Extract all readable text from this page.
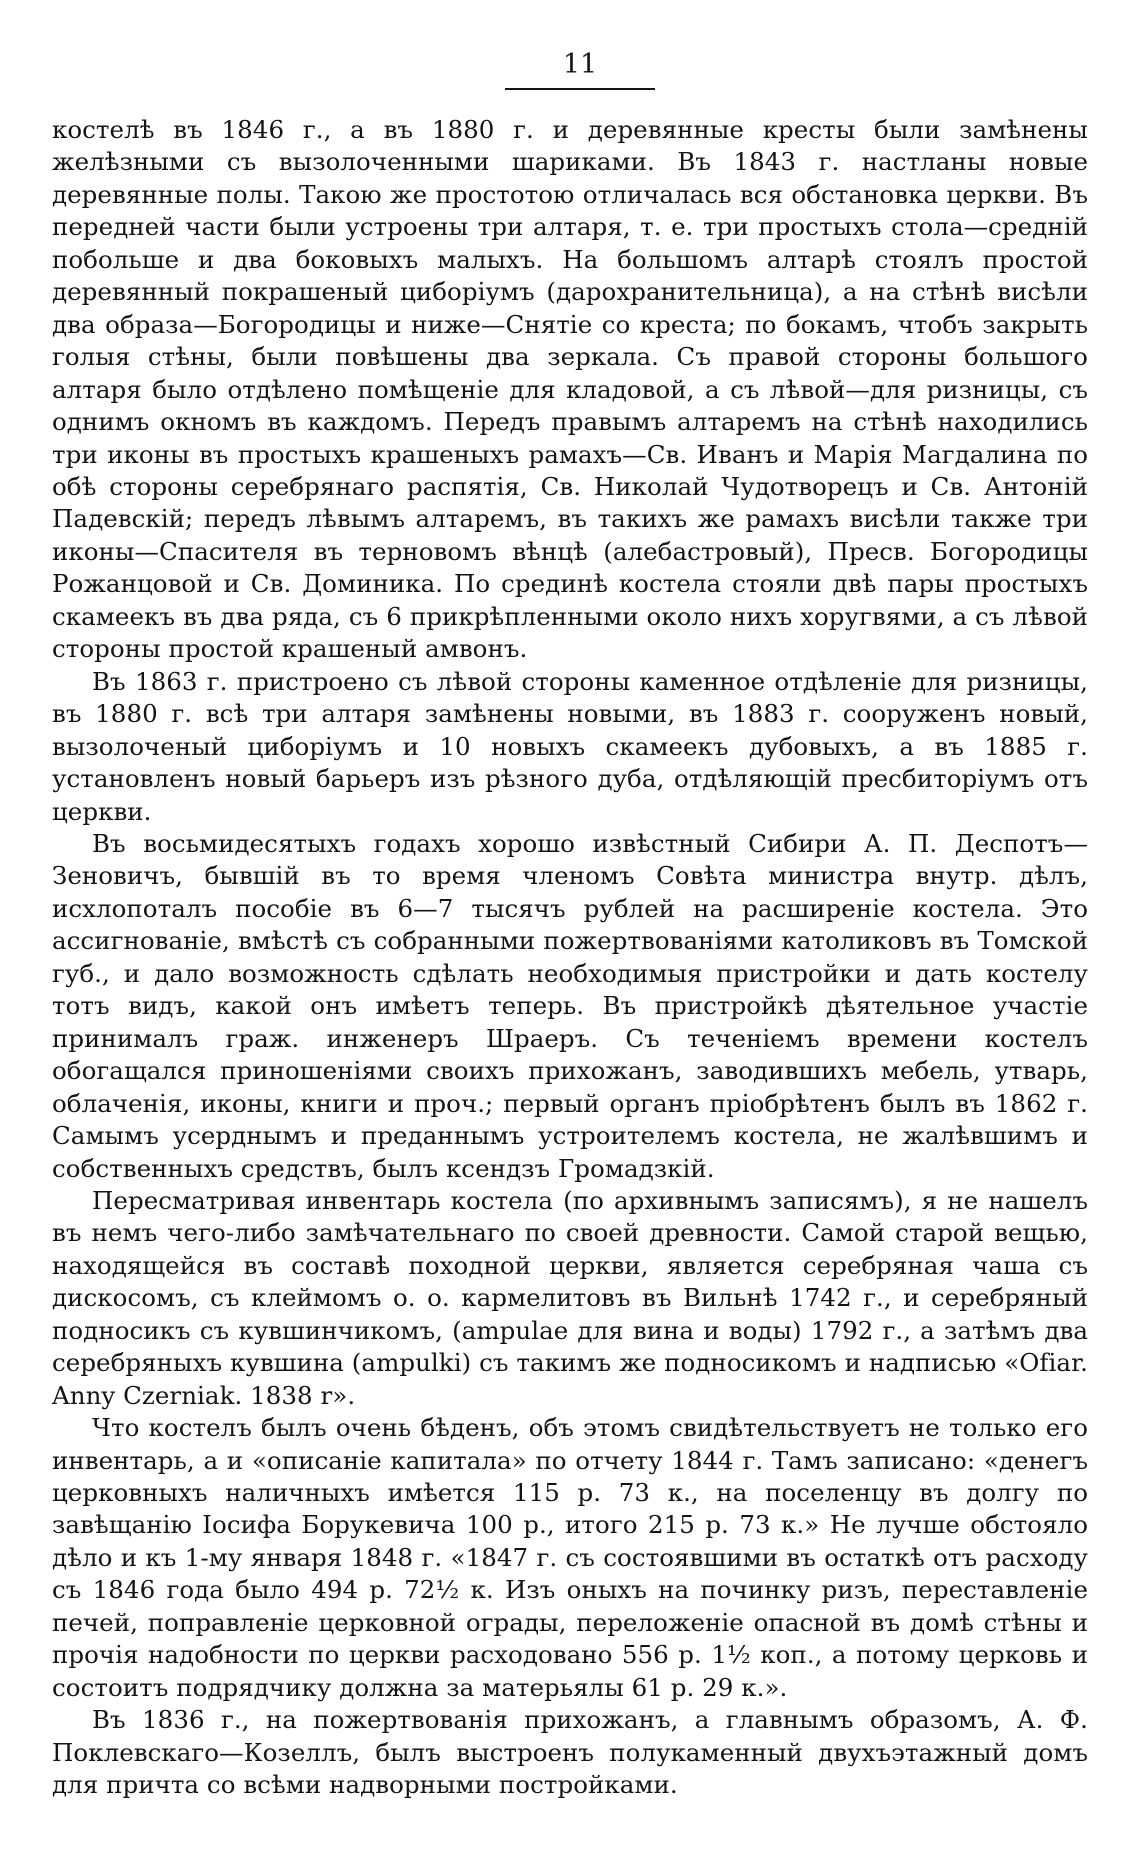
11

костелѣ въ 1846 г., а въ 1880 г. и деревянные кресты были замѣнены желѣзными съ вызолоченными шариками. Въ 1843 г. настланы новые деревянные полы. Такою же простотою отличалась вся обстановка церкви. Въ передней части были устроены три алтаря, т. е. три простыхъ стола—средній побольше и два боковыхъ малыхъ. На большомъ алтарѣ стоялъ простой деревянный покрашеный циборіумъ (дарохранительница), а на стѣнѣ висѣли два образа—Богородицы и ниже—Снятіе со креста; по бокамъ, чтобъ закрыть голыя стѣны, были повѣшены два зеркала. Съ правой стороны большого алтаря было отдѣлено помѣщеніе для кладовой, а съ лѣвой—для ризницы, съ однимъ окномъ въ каждомъ. Передъ правымъ алтаремъ на стѣнѣ находились три иконы въ простыхъ крашеныхъ рамахъ—Св. Иванъ и Марія Магдалина по обѣ стороны серебрянаго распятія, Св. Николай Чудотворецъ и Св. Антоній Падевскій; передъ лѣвымъ алтаремъ, въ такихъ же рамахъ висѣли также три иконы—Спасителя въ терновомъ вѣнцѣ (алебастровый), Пресв. Богородицы Рожанцовой и Св. Доминика. По срединѣ костела стояли двѣ пары простыхъ скамеекъ въ два ряда, съ 6 прикрѣпленными около нихъ хоругвями, а съ лѣвой стороны простой крашеный амвонъ.

Въ 1863 г. пристроено съ лѣвой стороны каменное отдѣленіе для ризницы, въ 1880 г. всѣ три алтаря замѣнены новыми, въ 1883 г. сооруженъ новый, вызолоченый циборіумъ и 10 новыхъ скамеекъ дубовыхъ, а въ 1885 г. установленъ новый барьеръ изъ рѣзного дуба, отдѣляющій пресбиторіумъ отъ церкви.

Въ восьмидесятыхъ годахъ хорошо извѣстный Сибири А. П. Деспотъ—Зеновичъ, бывшій въ то время членомъ Совѣта министра внутр. дѣлъ, исхлопоталъ пособіе въ 6—7 тысячъ рублей на расширеніе костела. Это ассигнованіе, вмѣстѣ съ собранными пожертвованіями католиковъ въ Томской губ., и дало возможность сдѣлать необходимыя пристройки и дать костелу тотъ видъ, какой онъ имѣетъ теперь. Въ пристройкѣ дѣятельное участіе принималъ граж. инженеръ Шраеръ. Съ теченіемъ времени костелъ обогащался приношеніями своихъ прихожанъ, заводившихъ мебель, утварь, облаченія, иконы, книги и проч.; первый органъ пріобрѣтенъ былъ въ 1862 г. Самымъ усерднымъ и преданнымъ устроителемъ костела, не жалѣвшимъ и собственныхъ средствъ, былъ ксендзъ Громадзкій.

Пересматривая инвентарь костела (по архивнымъ записямъ), я не нашелъ въ немъ чего-либо замѣчательнаго по своей древности. Самой старой вещью, находящейся въ составѣ походной церкви, является серебряная чаша съ дискосомъ, съ клеймомъ о. о. кармелитовъ въ Вильнѣ 1742 г., и серебряный подносикъ съ кувшинчикомъ, (ampulae для вина и воды) 1792 г., а затѣмъ два серебряныхъ кувшина (ampulki) съ такимъ же подносикомъ и надписью «Ofiar. Anny Czerniak. 1838 r».

Что костелъ былъ очень бѣденъ, объ этомъ свидѣтельствуетъ не только его инвентарь, а и «описаніе капитала» по отчету 1844 г. Тамъ записано: «денегъ церковныхъ наличныхъ имѣется 115 р. 73 к., на поселенцу въ долгу по завѣщанію Іосифа Борукевича 100 р., итого 215 р. 73 к.» Не лучше обстояло дѣло и къ 1-му января 1848 г. «1847 г. съ состоявшими въ остаткѣ отъ расходу съ 1846 года было 494 р. 72½ к. Изъ оныхъ на починку ризъ, переставленіе печей, поправленіе церковной ограды, переложеніе опасной въ домѣ стѣны и прочія надобности по церкви расходовано 556 р. 1½ коп., а потому церковь и состоитъ подрядчику должна за матерьялы 61 р. 29 к.».

Въ 1836 г., на пожертвованія прихожанъ, а главнымъ образомъ, А. Ф. Поклевскаго—Козеллъ, былъ выстроенъ полукаменный двухъэтажный домъ для причта со всѣми надворными постройками.
